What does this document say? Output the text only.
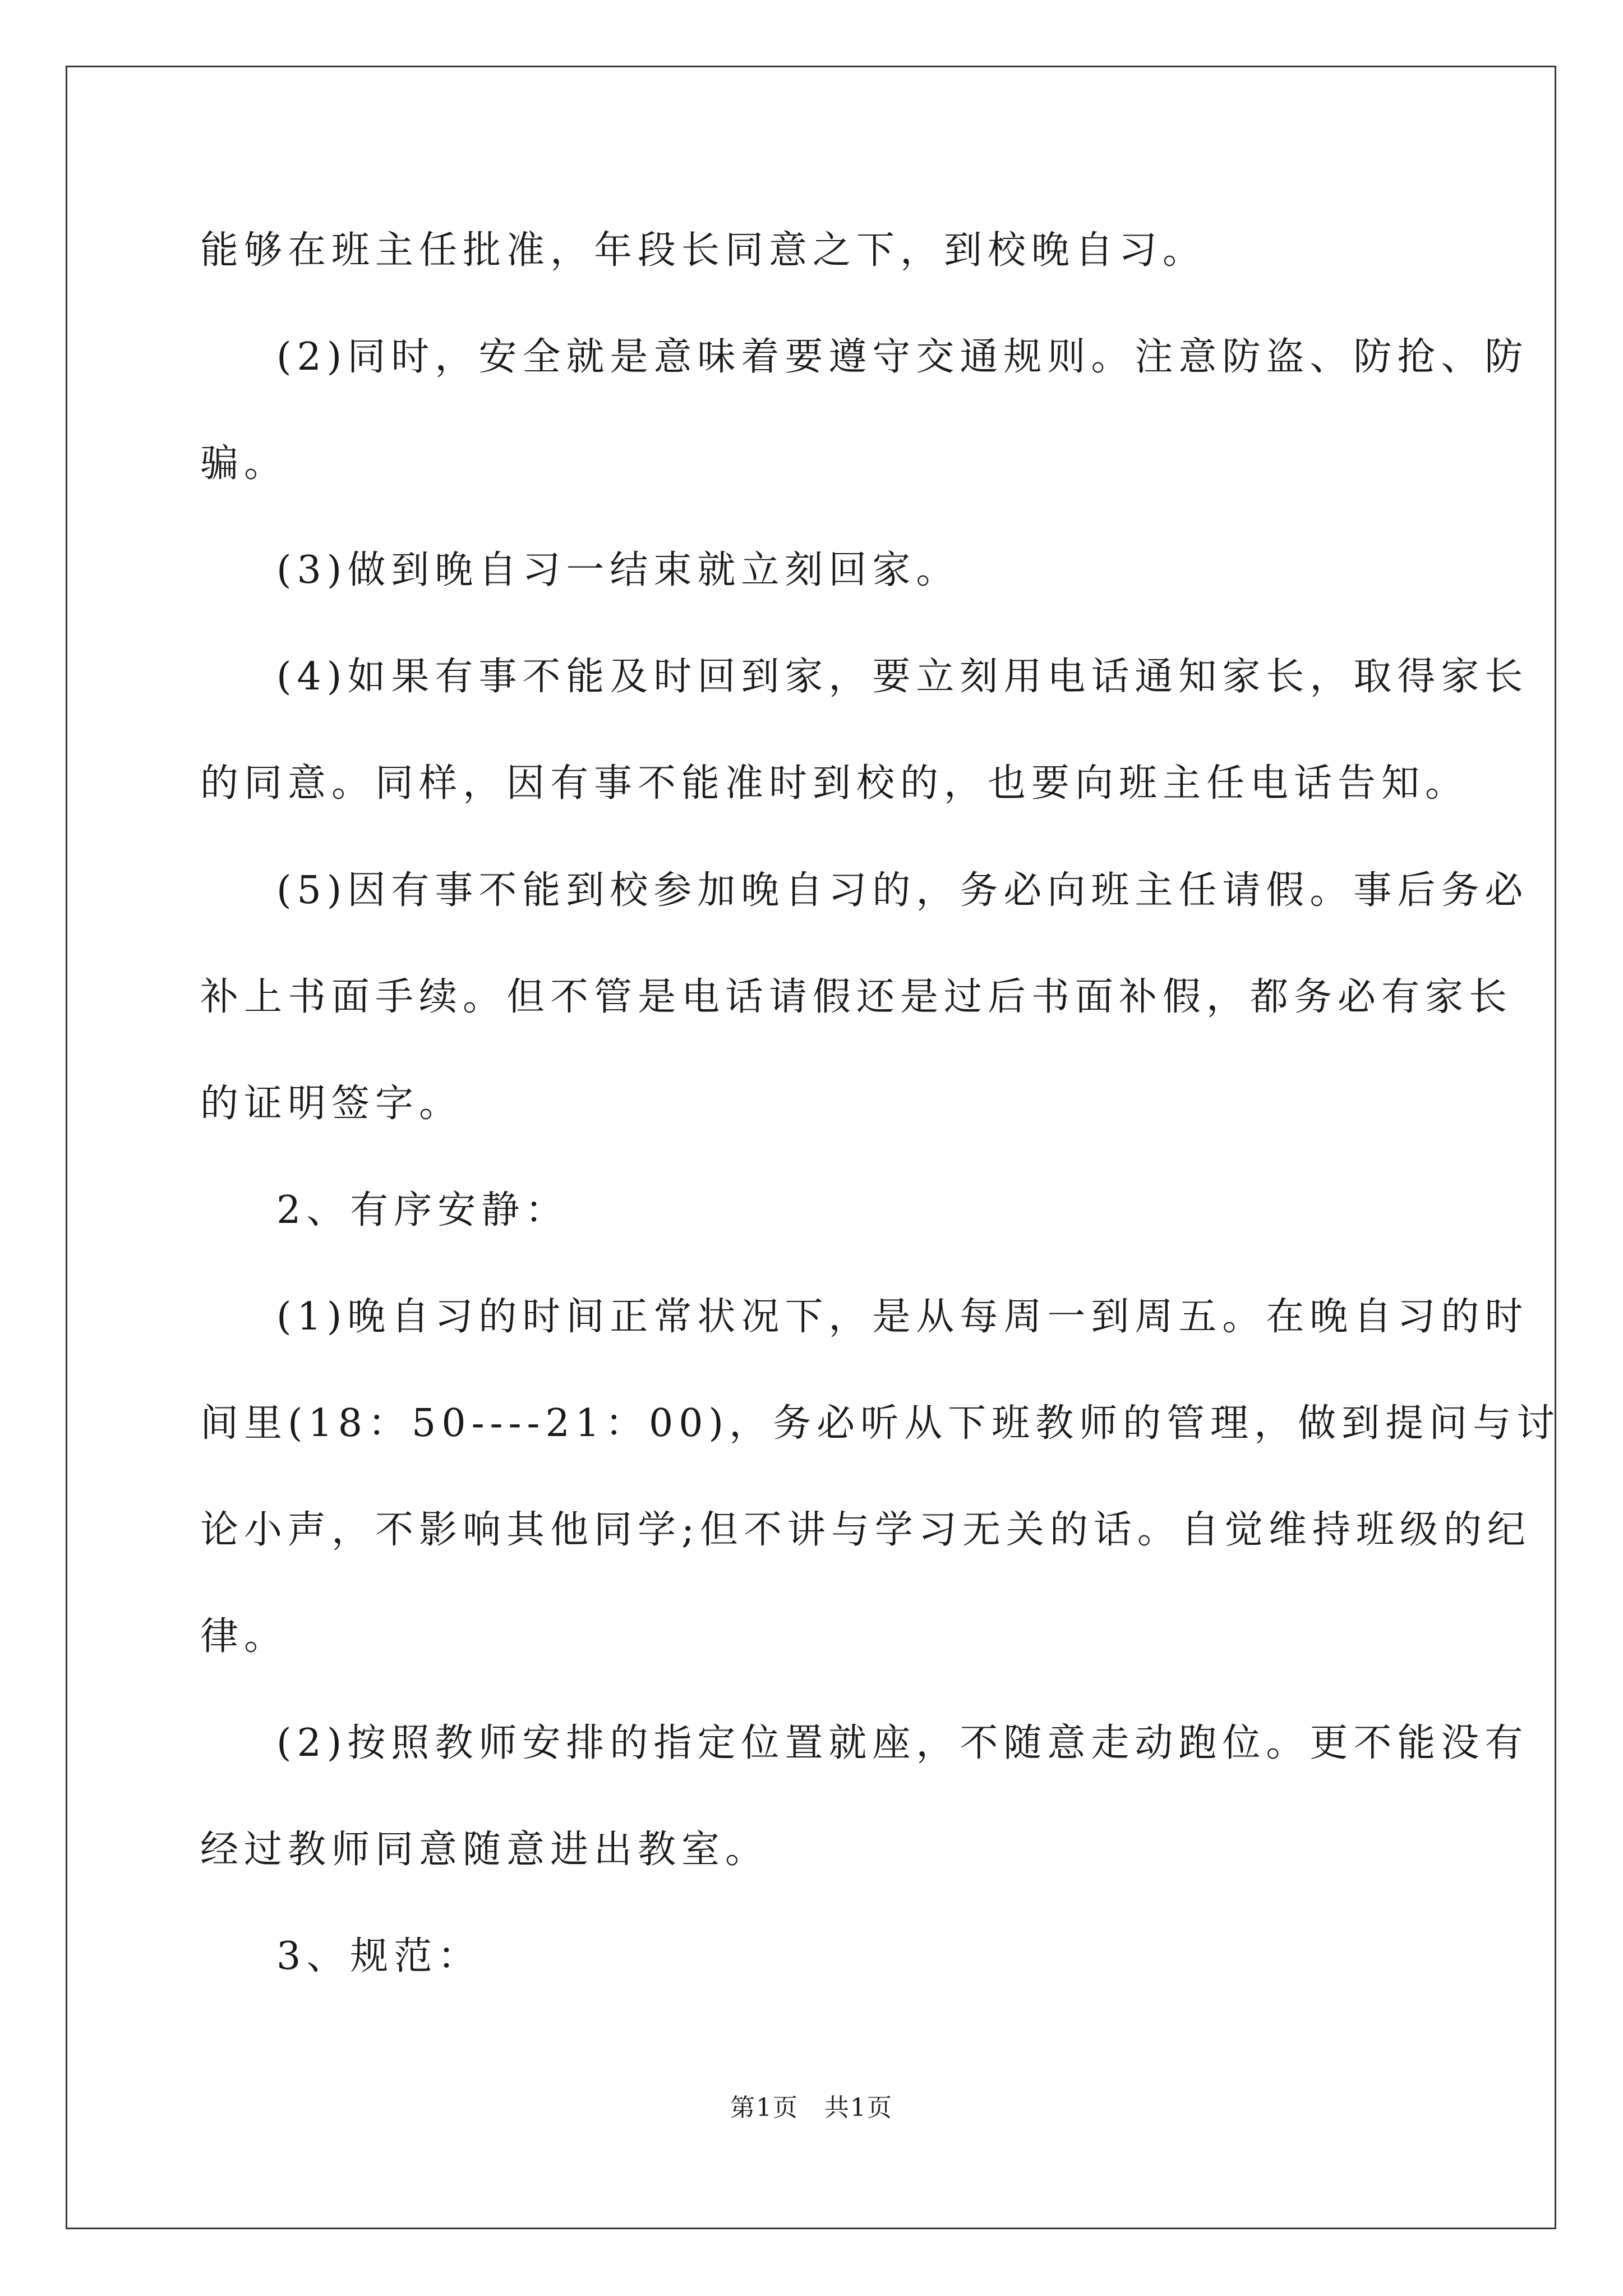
能够在班主任批准，年段长同意之下，到校晚自习。
(2)同时，安全就是意味着要遵守交通规则。注意防盗、防抢、防
骗。
(3)做到晚自习一结束就立刻回家。
(4)如果有事不能及时回到家，要立刻用电话通知家长，取得家长
的同意。同样，因有事不能准时到校的，也要向班主任电话告知。
(5)因有事不能到校参加晚自习的，务必向班主任请假。事后务必
补上书面手续。但不管是电话请假还是过后书面补假，都务必有家长
的证明签字。
2、有序安静：
(1)晚自习的时间正常状况下，是从每周一到周五。在晚自习的时
间里(18：50----21：00)，务必听从下班教师的管理，做到提问与讨
论小声，不影响其他同学;但不讲与学习无关的话。自觉维持班级的纪
律。
(2)按照教师安排的指定位置就座，不随意走动跑位。更不能没有
经过教师同意随意进出教室。
3、规范：
第1页　共1页
